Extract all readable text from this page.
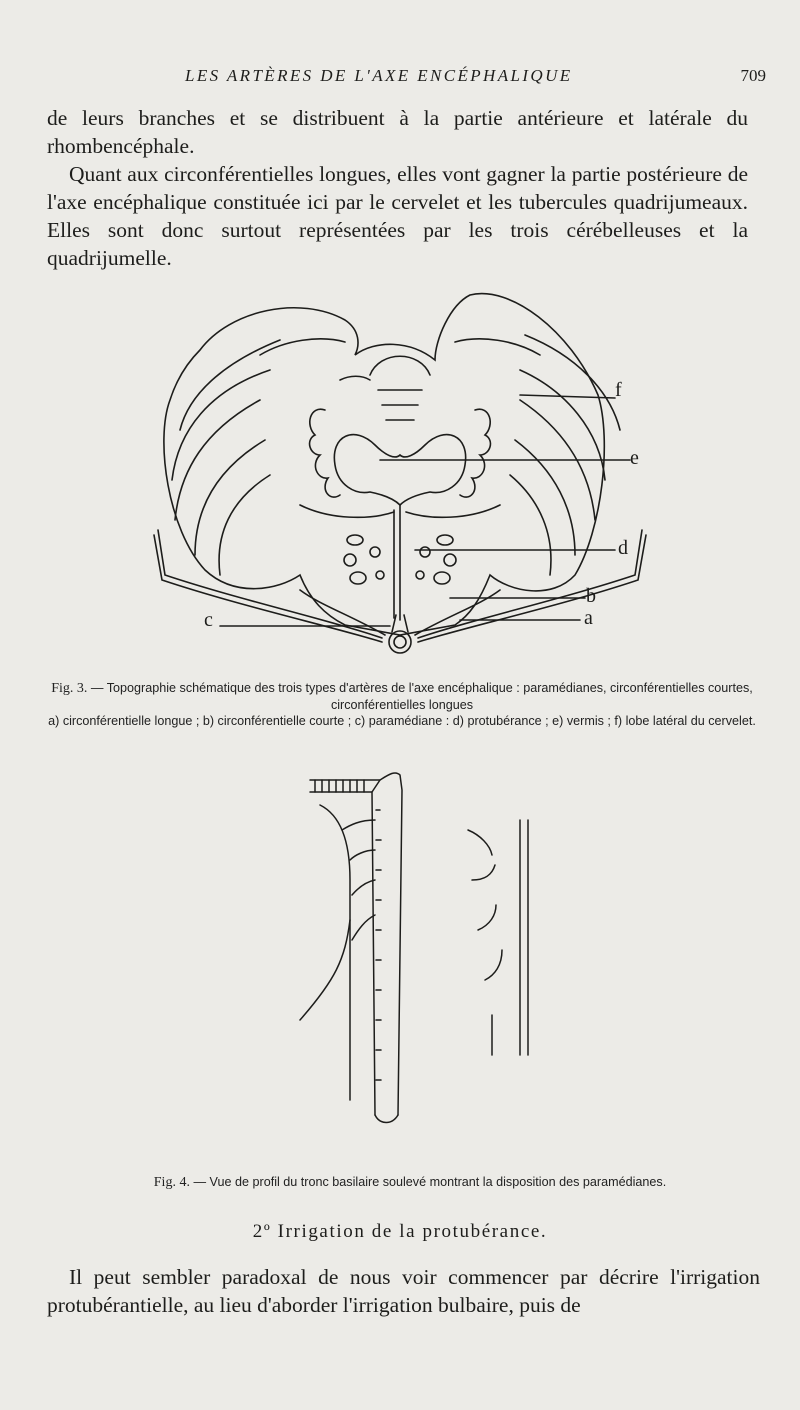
LES ARTÈRES DE L'AXE ENCÉPHALIQUE	709

de leurs branches et se distribuent à la partie antérieure et latérale du rhombencéphale.

Quant aux circonférentielles longues, elles vont gagner la partie postérieure de l'axe encéphalique constituée ici par le cervelet et les tubercules quadrijumeaux. Elles sont donc surtout représentées par les trois cérébelleuses et la quadrijumelle.

f
e
d
b
a
c
Fig. 3. — Topographie schématique des trois types d'artères de l'axe encéphalique : paramédianes, circonférentielles courtes, circonférentielles longues
a) circonférentielle longue ; b) circonférentielle courte ; c) paramédiane : d) protubérance ; e) vermis ; f) lobe latéral du cervelet.
Fig. 4. — Vue de profil du tronc basilaire soulevé montrant la disposition des paramédianes.
2º Irrigation de la protubérance.

Il peut sembler paradoxal de nous voir commencer par décrire l'irrigation protubérantielle, au lieu d'aborder l'irrigation bulbaire, puis de
